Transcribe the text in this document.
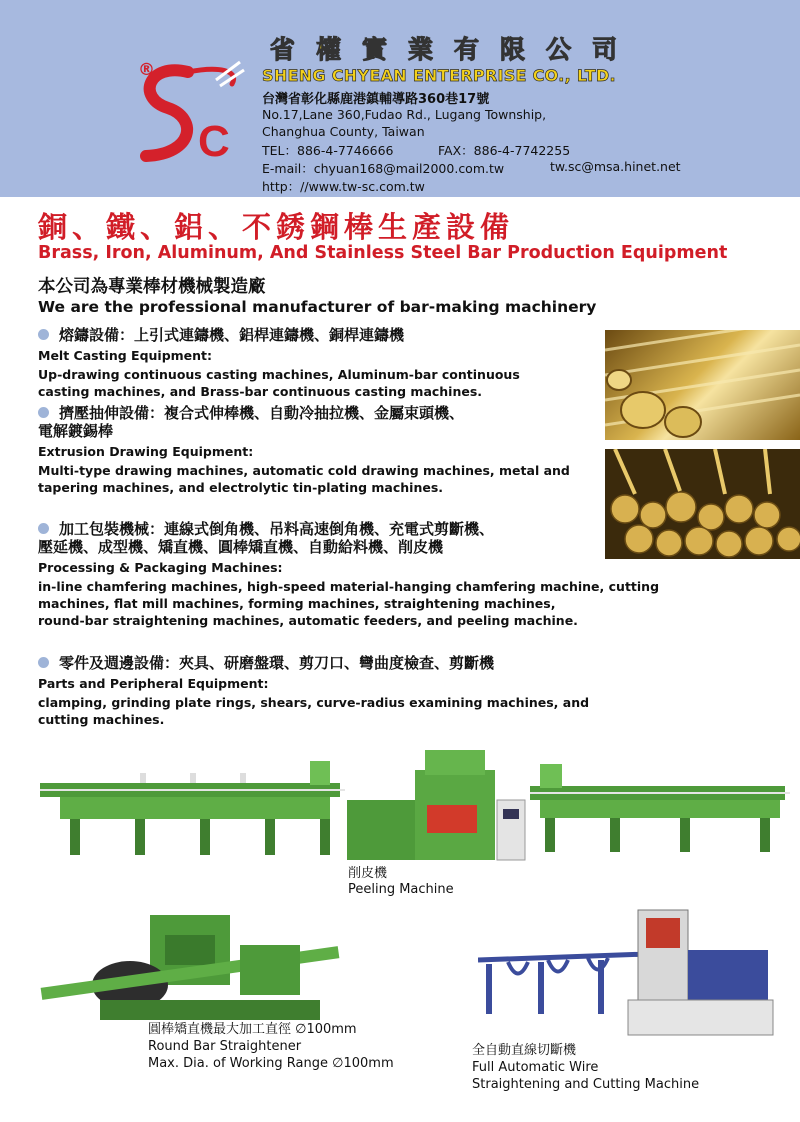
C
®
省權實業有限公司
SHENG CHYEAN ENTERPRISE CO., LTD.
台灣省彰化縣鹿港鎮輔導路360巷17號
No.17,Lane 360,Fudao Rd., Lugang Township,
Changhua County, Taiwan
TEL：886-4-7746666	FAX：886-4-7742255
E-mail：chyuan168@mail2000.com.tw	tw.sc@msa.hinet.net
http：//www.tw-sc.com.tw
銅、鐵、鋁、不銹鋼棒生產設備
Brass, Iron, Aluminum, And Stainless Steel Bar Production Equipment
本公司為專業棒材機械製造廠
We are the professional manufacturer of bar-making machinery
熔鑄設備：上引式連鑄機、鋁桿連鑄機、銅桿連鑄機
Melt Casting Equipment:
Up-drawing continuous casting machines, Aluminum-bar continuous
casting machines, and Brass-bar continuous casting machines.
擠壓抽伸設備：複合式伸棒機、自動冷抽拉機、金屬束頭機、
電解鍍錫棒
Extrusion Drawing Equipment:
Multi-type drawing machines, automatic cold drawing machines, metal and
tapering machines, and electrolytic tin-plating machines.
加工包裝機械：連線式倒角機、吊料高速倒角機、充電式剪斷機、
壓延機、成型機、矯直機、圓棒矯直機、自動給料機、削皮機
Processing & Packaging Machines:
in-line chamfering machines, high-speed material-hanging chamfering machine, cutting
machines, flat mill machines, forming machines, straightening machines,
round-bar straightening machines, automatic feeders, and peeling machine.
零件及週邊設備：夾具、研磨盤環、剪刀口、彎曲度檢查、剪斷機
Parts and Peripheral Equipment:
clamping, grinding plate rings, shears, curve-radius examining machines, and
cutting machines.
削皮機
Peeling Machine
圓棒矯直機最大加工直徑 ∅100mm
Round Bar Straightener
Max. Dia. of Working Range ∅100mm
全自動直線切斷機
Full Automatic Wire
Straightening and Cutting Machine
